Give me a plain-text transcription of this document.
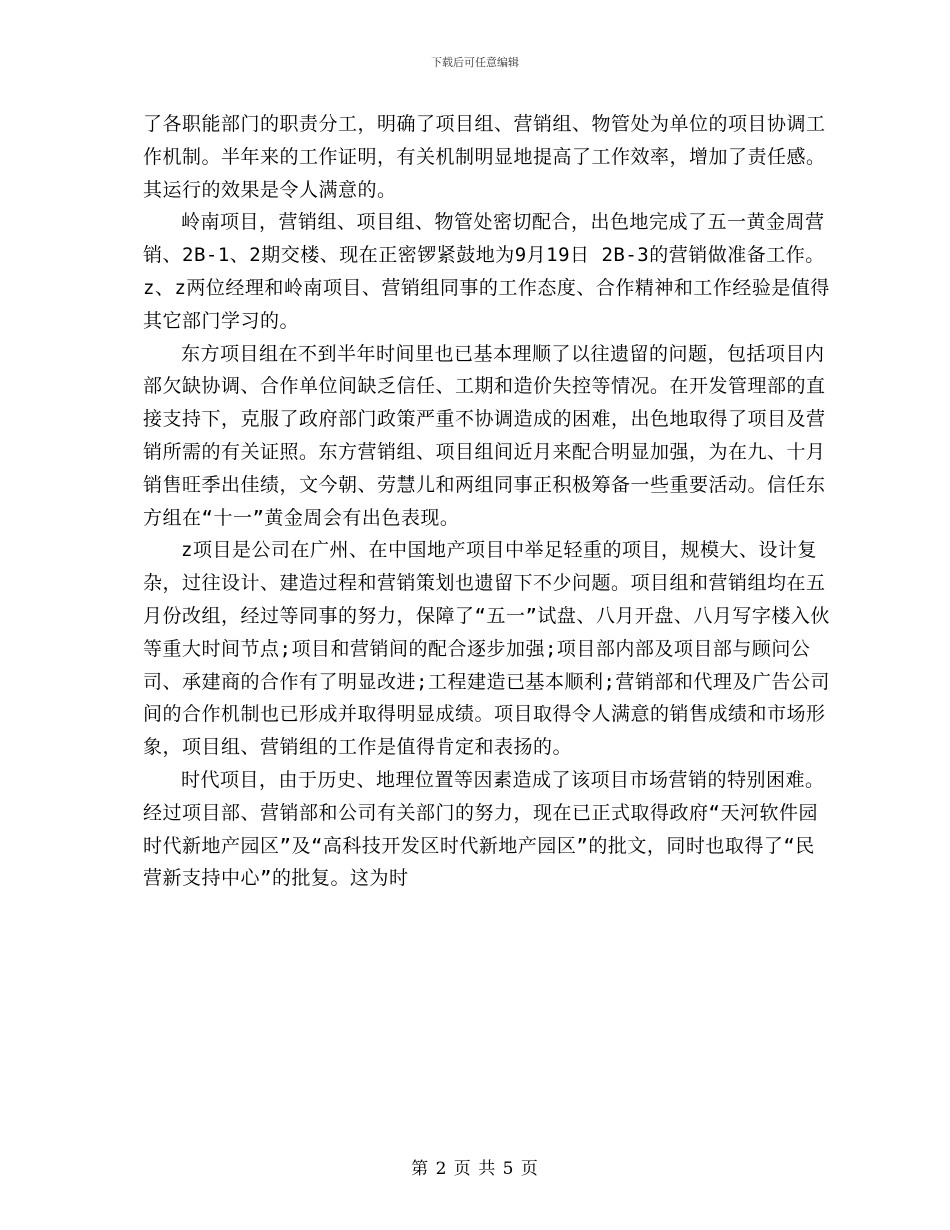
下载后可任意编辑

了各职能部门的职责分工，明确了项目组、营销组、物管处为单位的项目协调工作机制。半年来的工作证明，有关机制明显地提高了工作效率，增加了责任感。其运行的效果是令人满意的。

岭南项目，营销组、项目组、物管处密切配合，出色地完成了五一黄金周营销、2B-1、2期交楼、现在正密锣紧鼓地为9月19日 2B-3的营销做准备工作。z、z两位经理和岭南项目、营销组同事的工作态度、合作精神和工作经验是值得其它部门学习的。

东方项目组在不到半年时间里也已基本理顺了以往遗留的问题，包括项目内部欠缺协调、合作单位间缺乏信任、工期和造价失控等情况。在开发管理部的直接支持下，克服了政府部门政策严重不协调造成的困难，出色地取得了项目及营销所需的有关证照。东方营销组、项目组间近月来配合明显加强，为在九、十月销售旺季出佳绩，文今朝、劳慧儿和两组同事正积极筹备一些重要活动。信任东方组在“十一”黄金周会有出色表现。

z项目是公司在广州、在中国地产项目中举足轻重的项目，规模大、设计复杂，过往设计、建造过程和营销策划也遗留下不少问题。项目组和营销组均在五月份改组，经过等同事的努力，保障了“五一”试盘、八月开盘、八月写字楼入伙等重大时间节点;项目和营销间的配合逐步加强;项目部内部及项目部与顾问公司、承建商的合作有了明显改进;工程建造已基本顺利;营销部和代理及广告公司间的合作机制也已形成并取得明显成绩。项目取得令人满意的销售成绩和市场形象，项目组、营销组的工作是值得肯定和表扬的。

时代项目，由于历史、地理位置等因素造成了该项目市场营销的特别困难。经过项目部、营销部和公司有关部门的努力，现在已正式取得政府“天河软件园时代新地产园区”及“高科技开发区时代新地产园区”的批文，同时也取得了“民营新支持中心”的批复。这为时

第 2 页 共 5 页
